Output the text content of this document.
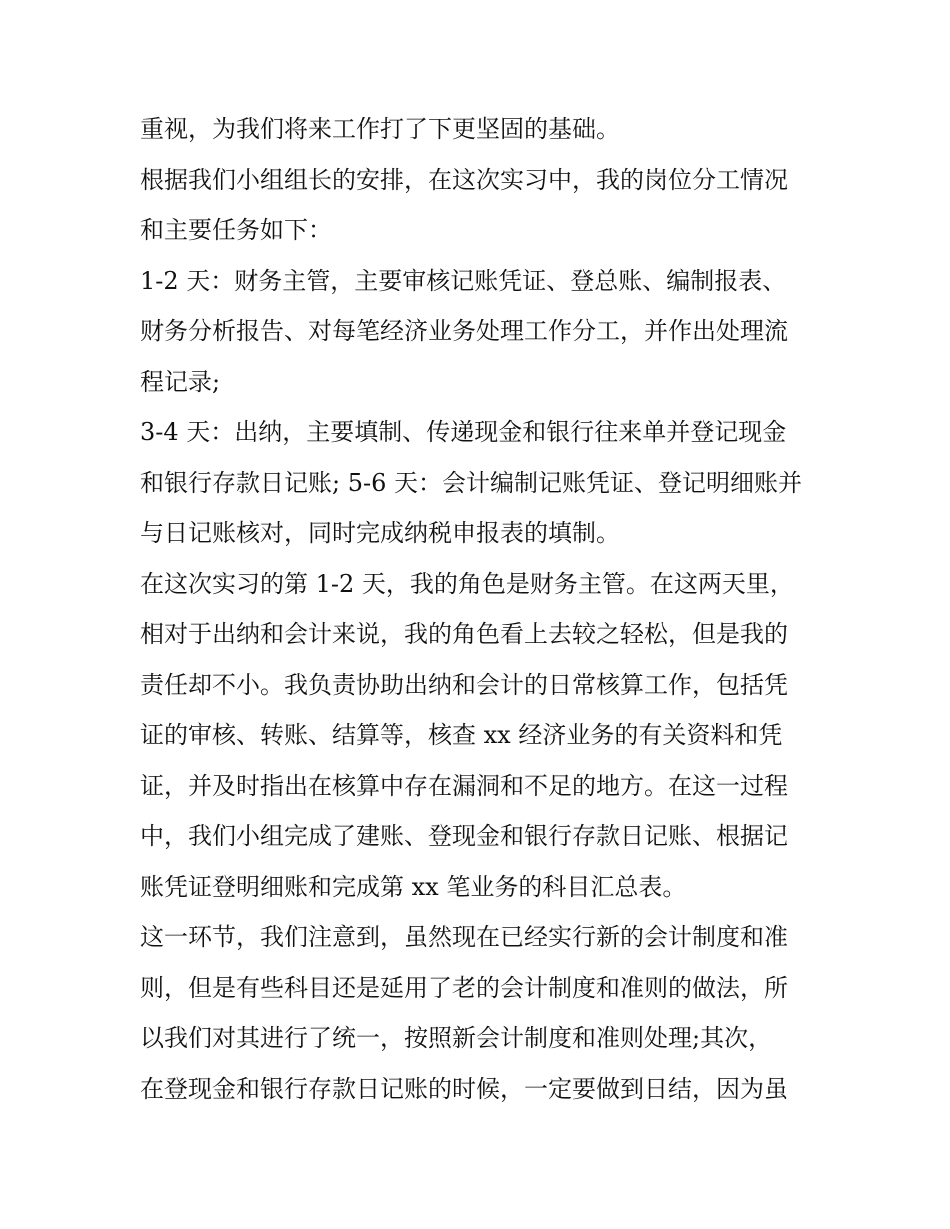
重视，为我们将来工作打了下更坚固的基础。
根据我们小组组长的安排，在这次实习中，我的岗位分工情况
和主要任务如下：
1-2 天：财务主管，主要审核记账凭证、登总账、编制报表、
财务分析报告、对每笔经济业务处理工作分工，并作出处理流
程记录;
3-4 天：出纳，主要填制、传递现金和银行往来单并登记现金
和银行存款日记账; 5-6 天：会计编制记账凭证、登记明细账并
与日记账核对，同时完成纳税申报表的填制。
在这次实习的第 1-2 天，我的角色是财务主管。在这两天里，
相对于出纳和会计来说，我的角色看上去较之轻松，但是我的
责任却不小。我负责协助出纳和会计的日常核算工作，包括凭
证的审核、转账、结算等，核查 xx 经济业务的有关资料和凭
证，并及时指出在核算中存在漏洞和不足的地方。在这一过程
中，我们小组完成了建账、登现金和银行存款日记账、根据记
账凭证登明细账和完成第 xx 笔业务的科目汇总表。
这一环节，我们注意到，虽然现在已经实行新的会计制度和准
则，但是有些科目还是延用了老的会计制度和准则的做法，所
以我们对其进行了统一，按照新会计制度和准则处理;其次，
在登现金和银行存款日记账的时候，一定要做到日结，因为虽
